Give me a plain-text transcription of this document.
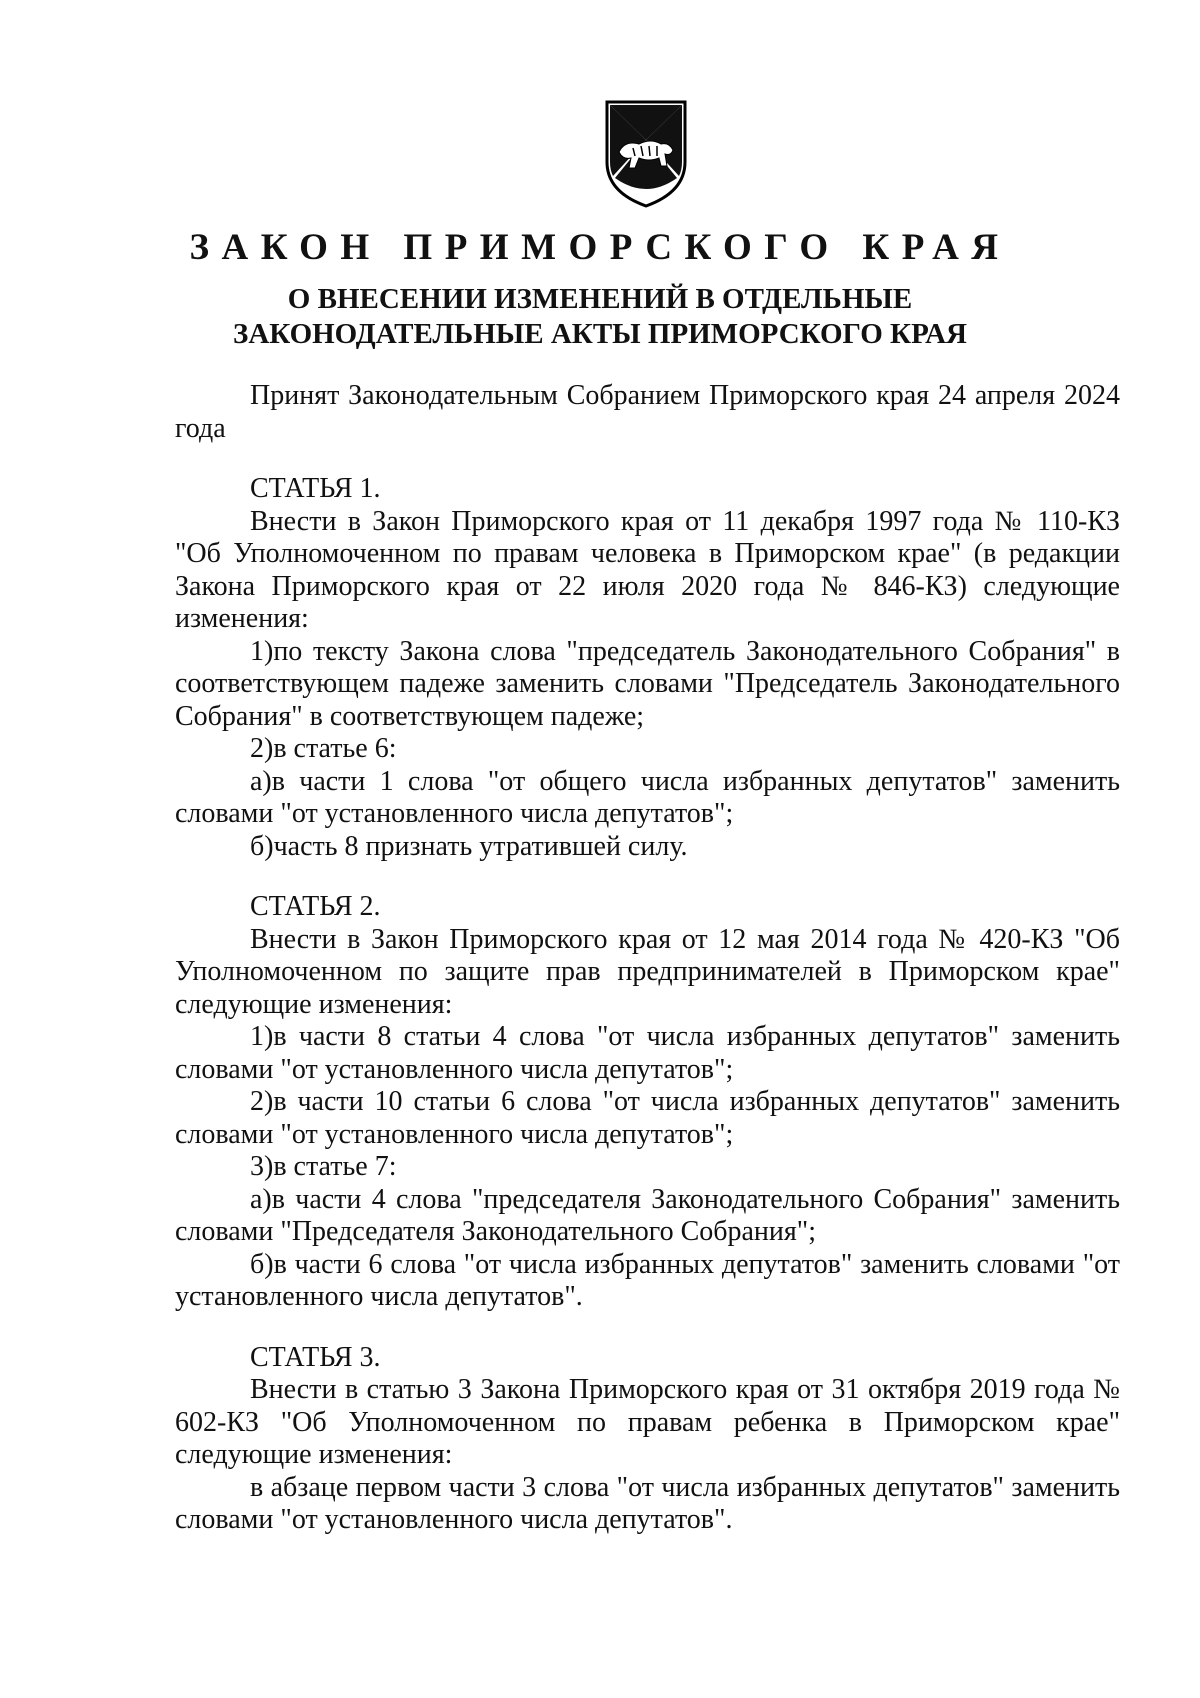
ЗАКОН ПРИМОРСКОГО КРАЯ
О ВНЕСЕНИИ ИЗМЕНЕНИЙ В ОТДЕЛЬНЫЕ
ЗАКОНОДАТЕЛЬНЫЕ АКТЫ ПРИМОРСКОГО КРАЯ

Принят Законодательным Собранием Приморского края 24 апреля 2024 года

СТАТЬЯ 1.

Внести в Закон Приморского края от 11 декабря 1997 года № 110-КЗ "Об Уполномоченном по правам человека в Приморском крае" (в редакции Закона Приморского края от 22 июля 2020 года № 846-КЗ) следующие изменения:

1)по тексту Закона слова "председатель Законодательного Собрания" в соответствующем падеже заменить словами "Председатель Законодательного Собрания" в соответствующем падеже;

2)в статье 6:

а)в части 1 слова "от общего числа избранных депутатов" заменить словами "от установленного числа депутатов";

б)часть 8 признать утратившей силу.

СТАТЬЯ 2.

Внести в Закон Приморского края от 12 мая 2014 года № 420-КЗ "Об Уполномоченном по защите прав предпринимателей в Приморском крае" следующие изменения:

1)в части 8 статьи 4 слова "от числа избранных депутатов" заменить словами "от установленного числа депутатов";

2)в части 10 статьи 6 слова "от числа избранных депутатов" заменить словами "от установленного числа депутатов";

3)в статье 7:

а)в части 4 слова "председателя Законодательного Собрания" заменить словами "Председателя Законодательного Собрания";

б)в части 6 слова "от числа избранных депутатов" заменить словами "от установленного числа депутатов".

СТАТЬЯ 3.

Внести в статью 3 Закона Приморского края от 31 октября 2019 года № 602-КЗ "Об Уполномоченном по правам ребенка в Приморском крае" следующие изменения:

в абзаце первом части 3 слова "от числа избранных депутатов" заменить словами "от установленного числа депутатов".
